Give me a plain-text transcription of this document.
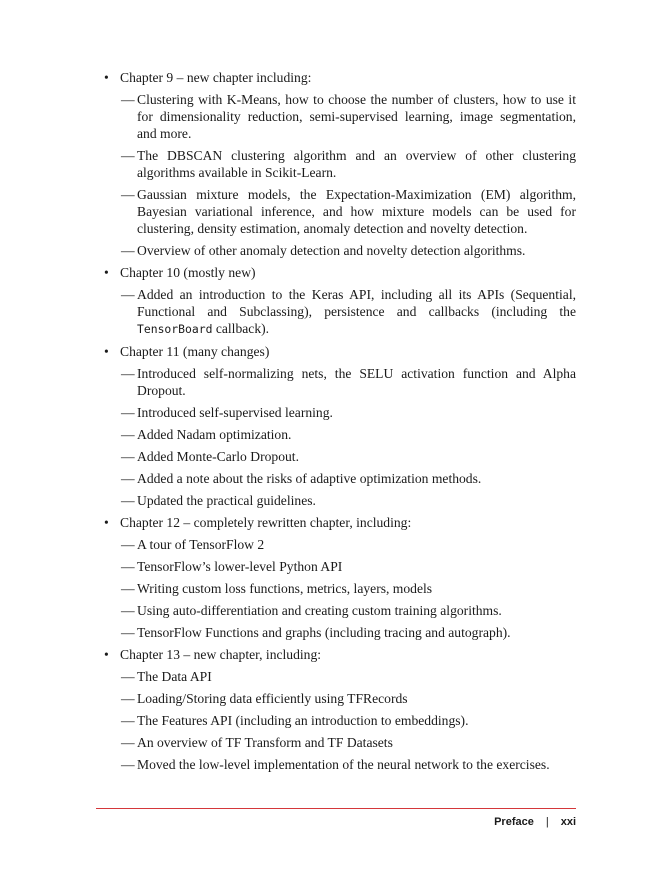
• Chapter 9 – new chapter including:
— Clustering with K-Means, how to choose the number of clusters, how to use it for dimensionality reduction, semi-supervised learning, image segmentation, and more.
— The DBSCAN clustering algorithm and an overview of other clustering algorithms available in Scikit-Learn.
— Gaussian mixture models, the Expectation-Maximization (EM) algorithm, Bayesian variational inference, and how mixture models can be used for clustering, density estimation, anomaly detection and novelty detection.
— Overview of other anomaly detection and novelty detection algorithms.
• Chapter 10 (mostly new)
— Added an introduction to the Keras API, including all its APIs (Sequential, Functional and Subclassing), persistence and callbacks (including the TensorBoard callback).
• Chapter 11 (many changes)
— Introduced self-normalizing nets, the SELU activation function and Alpha Dropout.
— Introduced self-supervised learning.
— Added Nadam optimization.
— Added Monte-Carlo Dropout.
— Added a note about the risks of adaptive optimization methods.
— Updated the practical guidelines.
• Chapter 12 – completely rewritten chapter, including:
— A tour of TensorFlow 2
— TensorFlow’s lower-level Python API
— Writing custom loss functions, metrics, layers, models
— Using auto-differentiation and creating custom training algorithms.
— TensorFlow Functions and graphs (including tracing and autograph).
• Chapter 13 – new chapter, including:
— The Data API
— Loading/Storing data efficiently using TFRecords
— The Features API (including an introduction to embeddings).
— An overview of TF Transform and TF Datasets
— Moved the low-level implementation of the neural network to the exercises.
Preface | xxi
